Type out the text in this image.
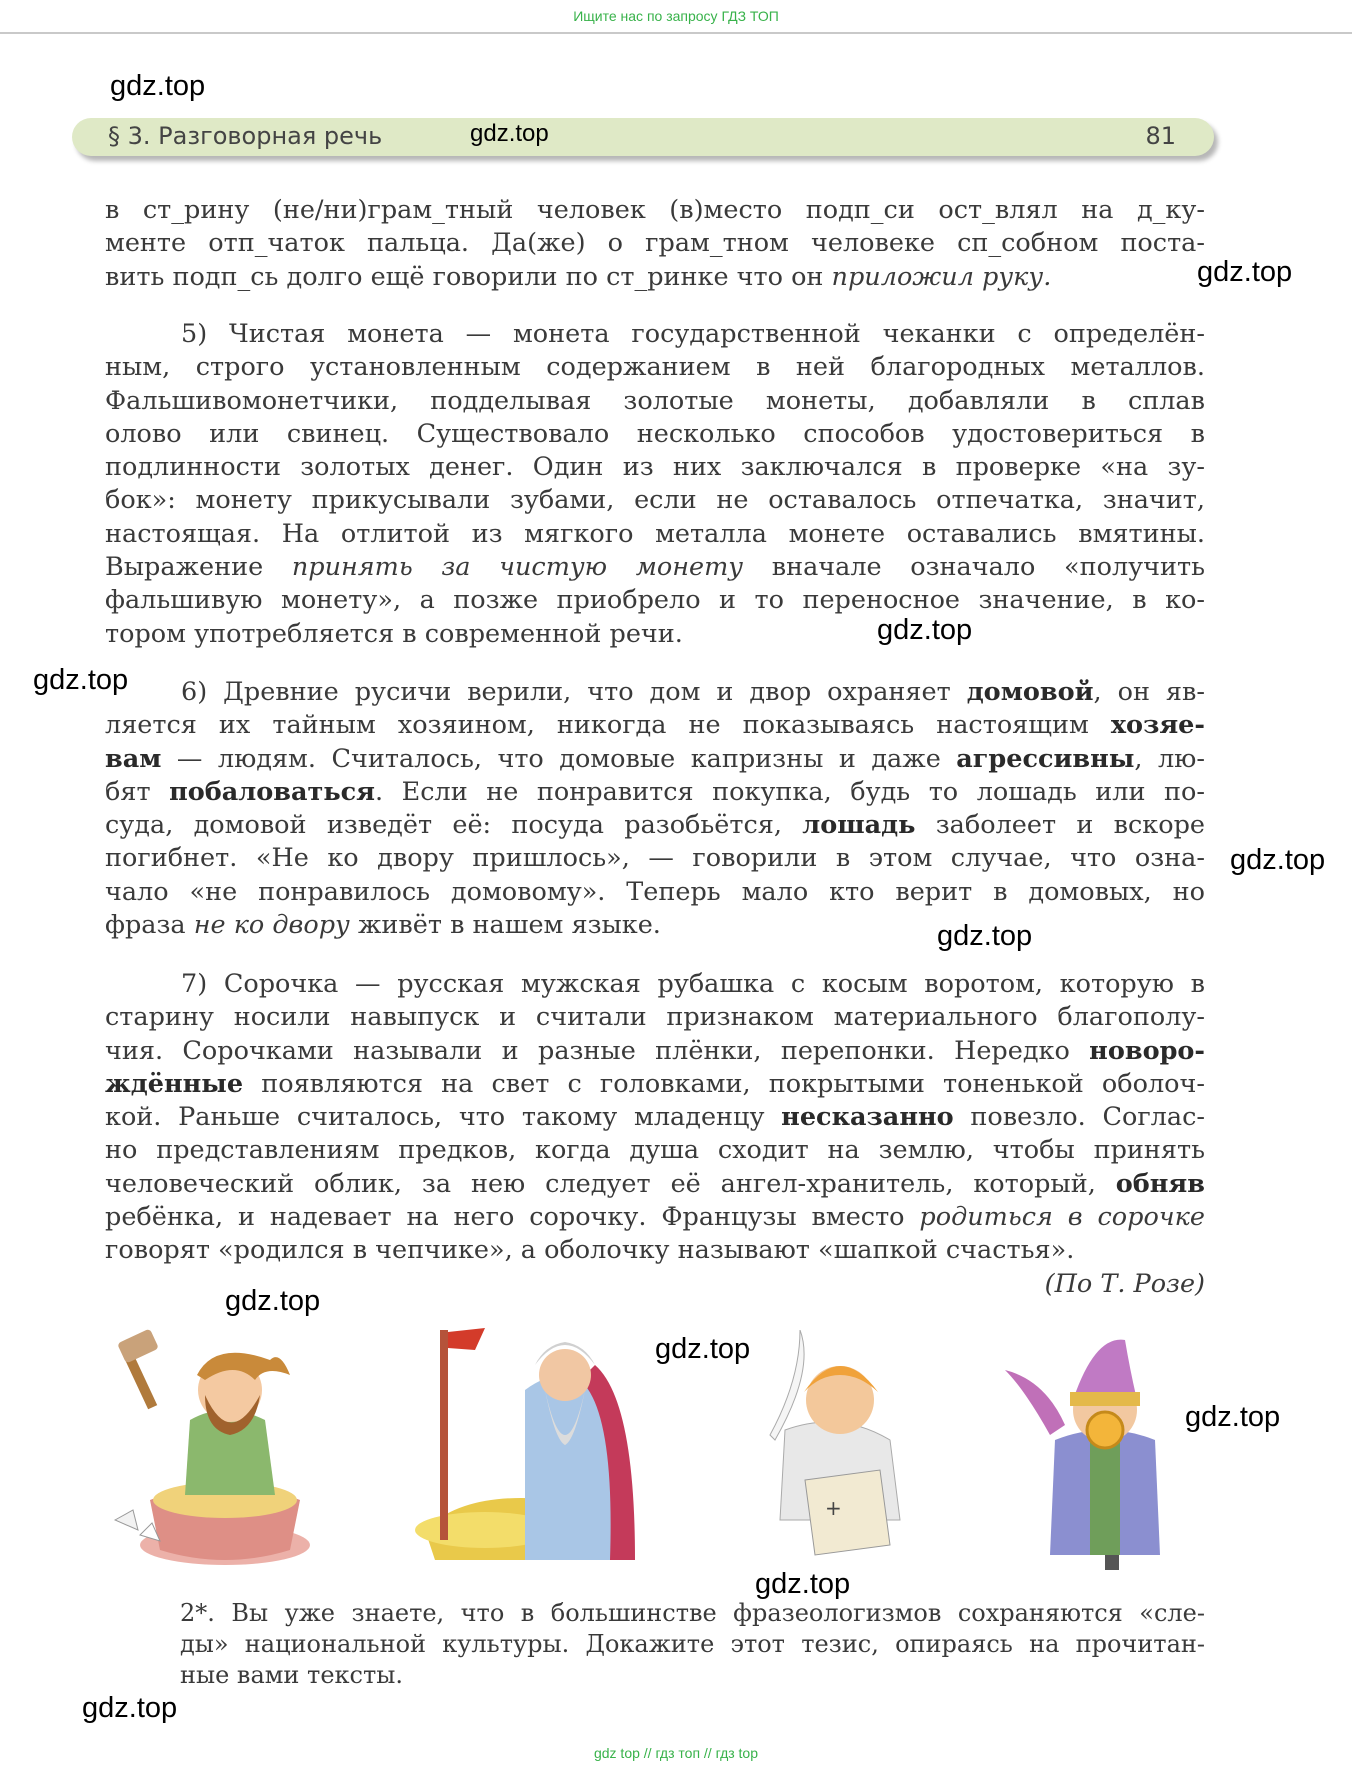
Ищите нас по запросу ГДЗ ТОП
gdz.top
§ 3. Разговорная речь	81
gdz.top
в ст_рину (не/ни)грам_тный человек (в)место подп_си ост_влял на д_ку-
менте отп_чаток пальца. Да(же) о грам_тном человеке сп_собном поста-
вить подп_сь долго ещё говорили по ст_ринке что он приложил руку.	gdz.top
5) Чистая монета — монета государственной чеканки с определён-
ным, строго установленным содержанием в ней благородных металлов.
Фальшивомонетчики, подделывая золотые монеты, добавляли в сплав
олово или свинец. Существовало несколько способов удостовериться в
подлинности золотых денег. Один из них заключался в проверке «на зу-
бок»: монету прикусывали зубами, если не оставалось отпечатка, значит,
настоящая. На отлитой из мягкого металла монете оставались вмятины.
Выражение принять за чистую монету вначале означало «получить
фальшивую монету», а позже приобрело и то переносное значение, в ко-
тором употребляется в современной речи.	gdz.top
gdz.top	6) Древние русичи верили, что дом и двор охраняет домовой, он яв-
ляется их тайным хозяином, никогда не показываясь настоящим хозяе-
вам — людям. Считалось, что домовые капризны и даже агрессивны, лю-
бят побаловаться. Если не понравится покупка, будь то лошадь или по-
суда, домовой изведёт её: посуда разобьётся, лошадь заболеет и вскоре
погибнет. «Не ко двору пришлось», — говорили в этом случае, что озна-
чало «не понравилось домовому». Теперь мало кто верит в домовых, но
фраза не ко двору живёт в нашем языке.
gdz.top
gdz.top
7) Сорочка — русская мужская рубашка с косым воротом, которую в
старину носили навыпуск и считали признаком материального благополу-
чия. Сорочками называли и разные плёнки, перепонки. Нередко новоро-
ждённые появляются на свет с головками, покрытыми тоненькой оболоч-
кой. Раньше считалось, что такому младенцу несказанно повезло. Соглас-
но представлениям предков, когда душа сходит на землю, чтобы принять
человеческий облик, за нею следует её ангел-хранитель, который, обняв
ребёнка, и надевает на него сорочку. Французы вместо родиться в сорочке
говорят «родился в чепчике», а оболочку называют «шапкой счастья».
(По Т. Розе)
gdz.top
+
gdz.top
gdz.top
gdz.top
2*. Вы уже знаете, что в большинстве фразеологизмов сохраняются «сле-
ды» национальной культуры. Докажите этот тезис, опираясь на прочитан-
ные вами тексты.
gdz.top
gdz top // гдз топ // гдз top
